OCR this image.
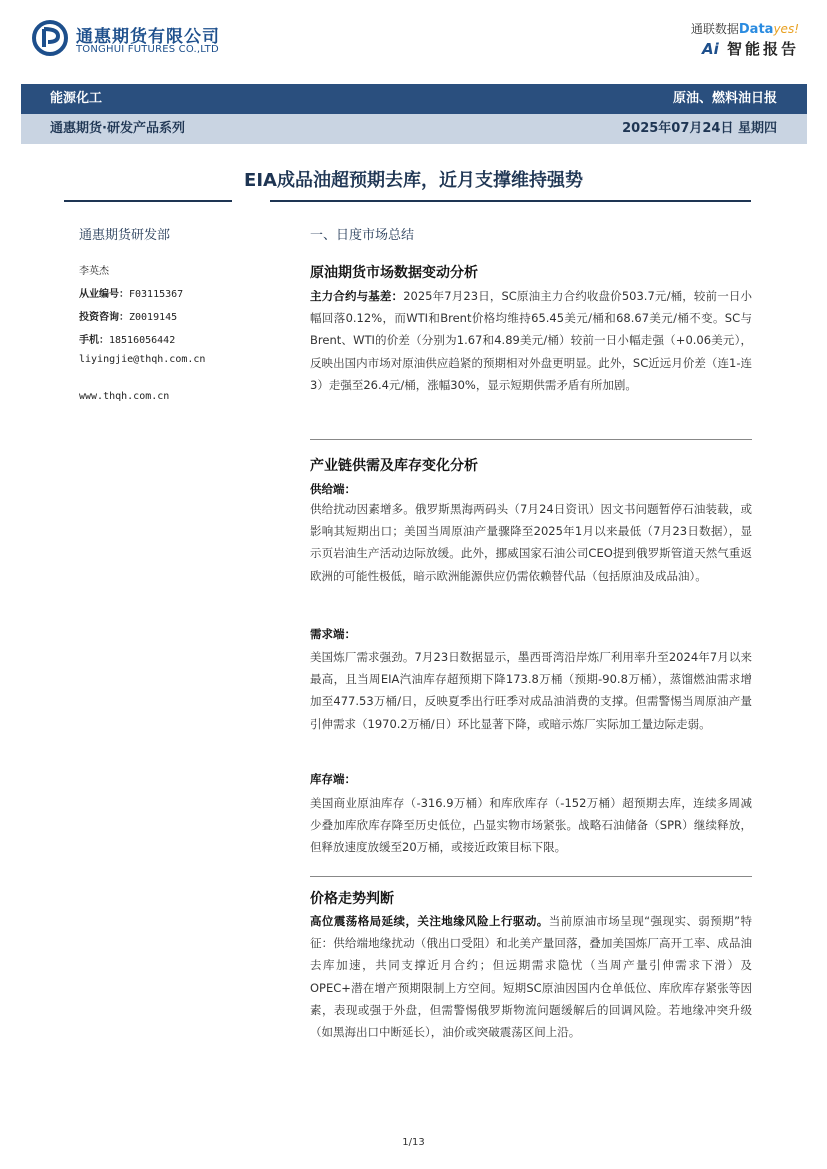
通惠期货有限公司
TONGHUI FUTURES CO.,LTD
通联数据Datayes!
Ai 智能报告
能源化工	原油、燃料油日报
通惠期货·研发产品系列	2025年07月24日 星期四
EIA成品油超预期去库，近月支撑维持强势
通惠期货研发部
李英杰
从业编号：F03115367
投资咨询：Z0019145
手机：18516056442
liyingjie@thqh.com.cn
www.thqh.com.cn
一、日度市场总结
原油期货市场数据变动分析

主力合约与基差：2025年7月23日，SC原油主力合约收盘价503.7元/桶，较前一日小幅回落0.12%，而WTI和Brent价格均维持65.45美元/桶和68.67美元/桶不变。SC与Brent、WTI的价差（分别为1.67和4.89美元/桶）较前一日小幅走强（+0.06美元），反映出国内市场对原油供应趋紧的预期相对外盘更明显。此外，SC近远月价差（连1-连3）走强至26.4元/桶，涨幅30%，显示短期供需矛盾有所加剧。

产业链供需及库存变化分析
供给端：

供给扰动因素增多。俄罗斯黑海两码头（7月24日资讯）因文书问题暂停石油装载，或影响其短期出口；美国当周原油产量骤降至2025年1月以来最低（7月23日数据），显示页岩油生产活动边际放缓。此外，挪威国家石油公司CEO提到俄罗斯管道天然气重返欧洲的可能性极低，暗示欧洲能源供应仍需依赖替代品（包括原油及成品油）。

需求端：

美国炼厂需求强劲。7月23日数据显示，墨西哥湾沿岸炼厂利用率升至2024年7月以来最高，且当周EIA汽油库存超预期下降173.8万桶（预期-90.8万桶），蒸馏燃油需求增加至477.53万桶/日，反映夏季出行旺季对成品油消费的支撑。但需警惕当周原油产量引伸需求（1970.2万桶/日）环比显著下降，或暗示炼厂实际加工量边际走弱。

库存端：

美国商业原油库存（-316.9万桶）和库欣库存（-152万桶）超预期去库，连续多周减少叠加库欣库存降至历史低位，凸显实物市场紧张。战略石油储备（SPR）继续释放，但释放速度放缓至20万桶，或接近政策目标下限。

价格走势判断

高位震荡格局延续，关注地缘风险上行驱动。当前原油市场呈现“强现实、弱预期”特征：供给端地缘扰动（俄出口受阻）和北美产量回落，叠加美国炼厂高开工率、成品油去库加速，共同支撑近月合约；但远期需求隐忧（当周产量引伸需求下滑）及OPEC+潜在增产预期限制上方空间。短期SC原油因国内仓单低位、库欣库存紧张等因素，表现或强于外盘，但需警惕俄罗斯物流问题缓解后的回调风险。若地缘冲突升级（如黑海出口中断延长），油价或突破震荡区间上沿。

1/13
